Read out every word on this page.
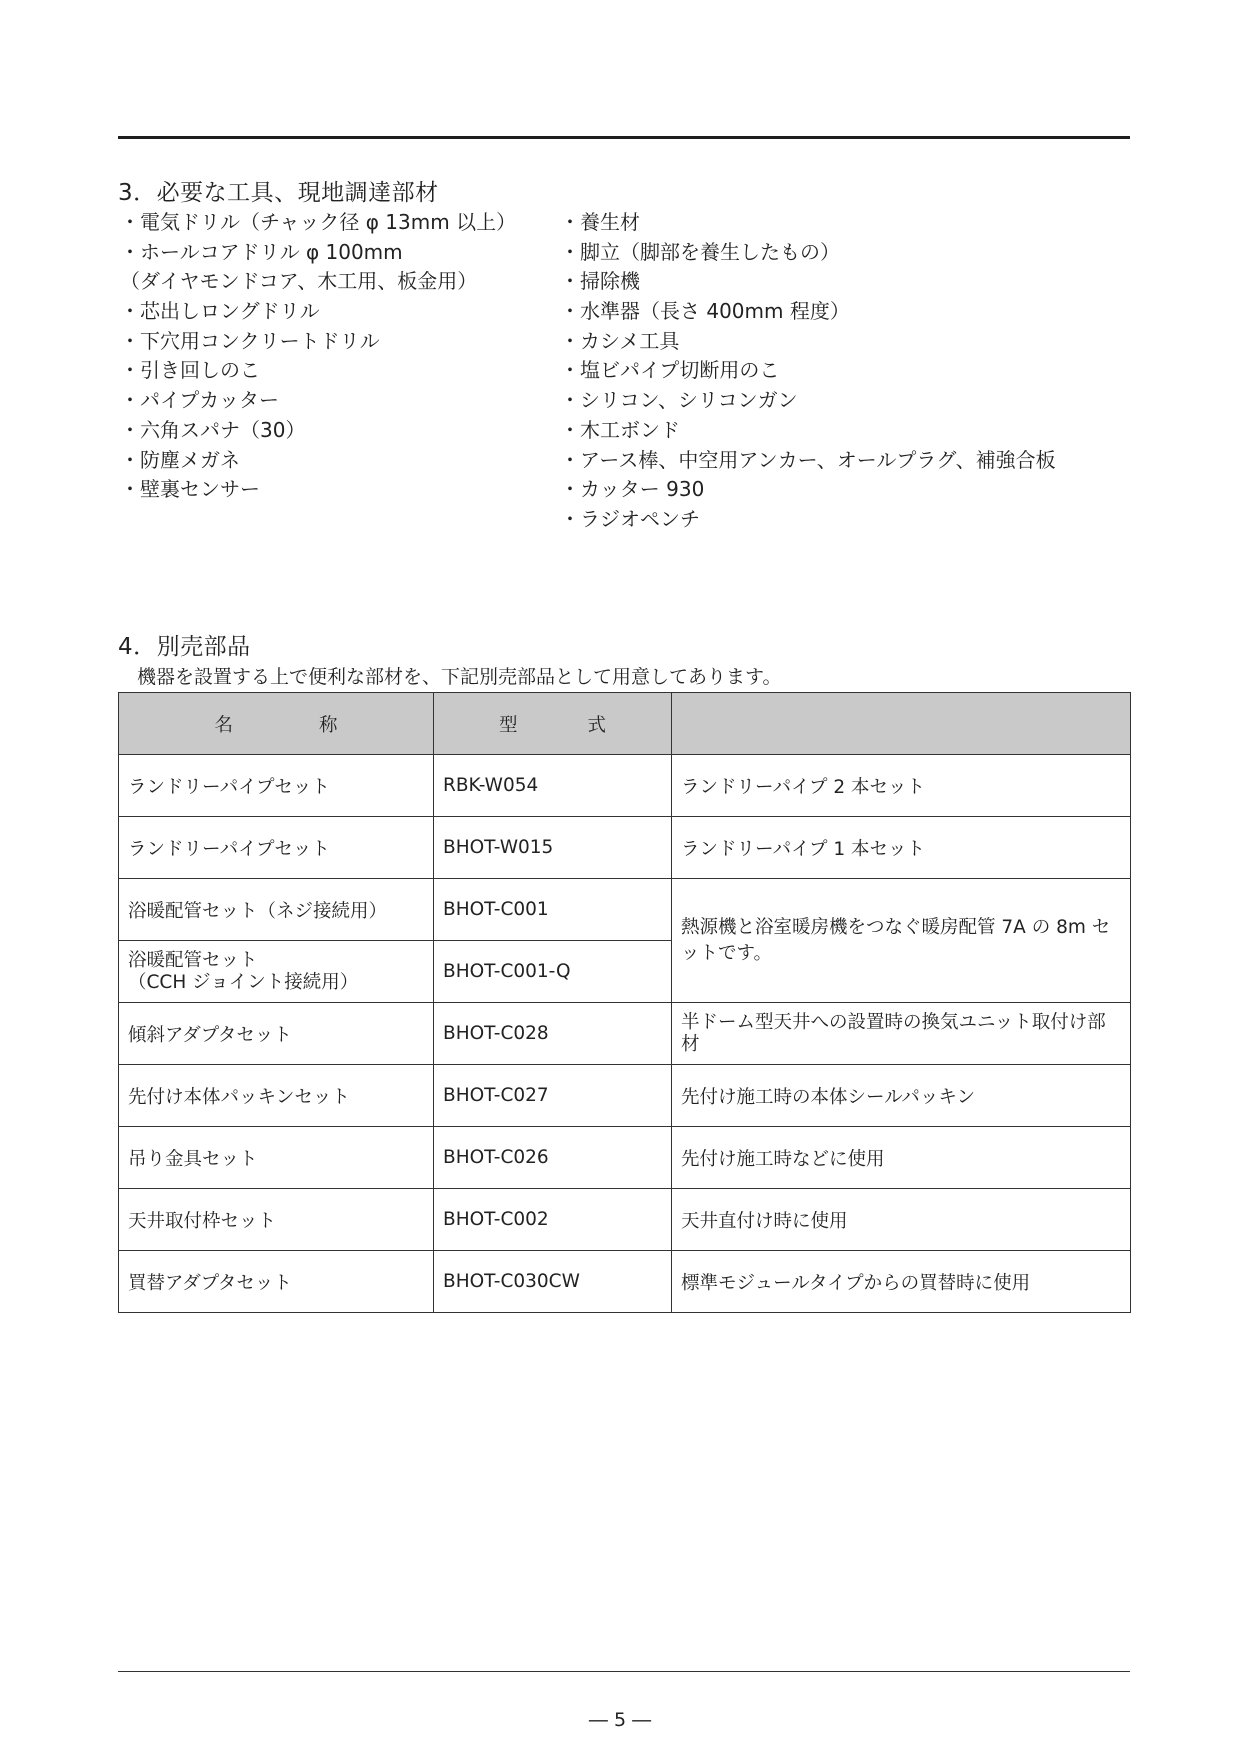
3．必要な工具、現地調達部材
・電気ドリル（チャック径 φ 13mm 以上）
・ホールコアドリル φ 100mm
（ダイヤモンドコア、木工用、板金用）
・芯出しロングドリル
・下穴用コンクリートドリル
・引き回しのこ
・パイプカッター
・六角スパナ（30）
・防塵メガネ
・壁裏センサー
・養生材
・脚立（脚部を養生したもの）
・掃除機
・水準器（長さ 400mm 程度）
・カシメ工具
・塩ビパイプ切断用のこ
・シリコン、シリコンガン
・木工ボンド
・アース棒、中空用アンカー、オールプラグ、補強合板
・カッター 930
・ラジオペンチ
4．別売部品
機器を設置する上で便利な部材を、下記別売部品として用意してあります。
名 称	型 式	
ランドリーパイプセット	RBK-W054	ランドリーパイプ 2 本セット
ランドリーパイプセット	BHOT-W015	ランドリーパイプ 1 本セット
浴暖配管セット（ネジ接続用）	BHOT-C001	熱源機と浴室暖房機をつなぐ暖房配管 7A の 8m セットです。
浴暖配管セット
（CCH ジョイント接続用）	BHOT-C001-Q	
傾斜アダプタセット	BHOT-C028	半ドーム型天井への設置時の換気ユニット取付け部材
先付け本体パッキンセット	BHOT-C027	先付け施工時の本体シールパッキン
吊り金具セット	BHOT-C026	先付け施工時などに使用
天井取付枠セット	BHOT-C002	天井直付け時に使用
買替アダプタセット	BHOT-C030CW	標準モジュールタイプからの買替時に使用
― 5 ―
